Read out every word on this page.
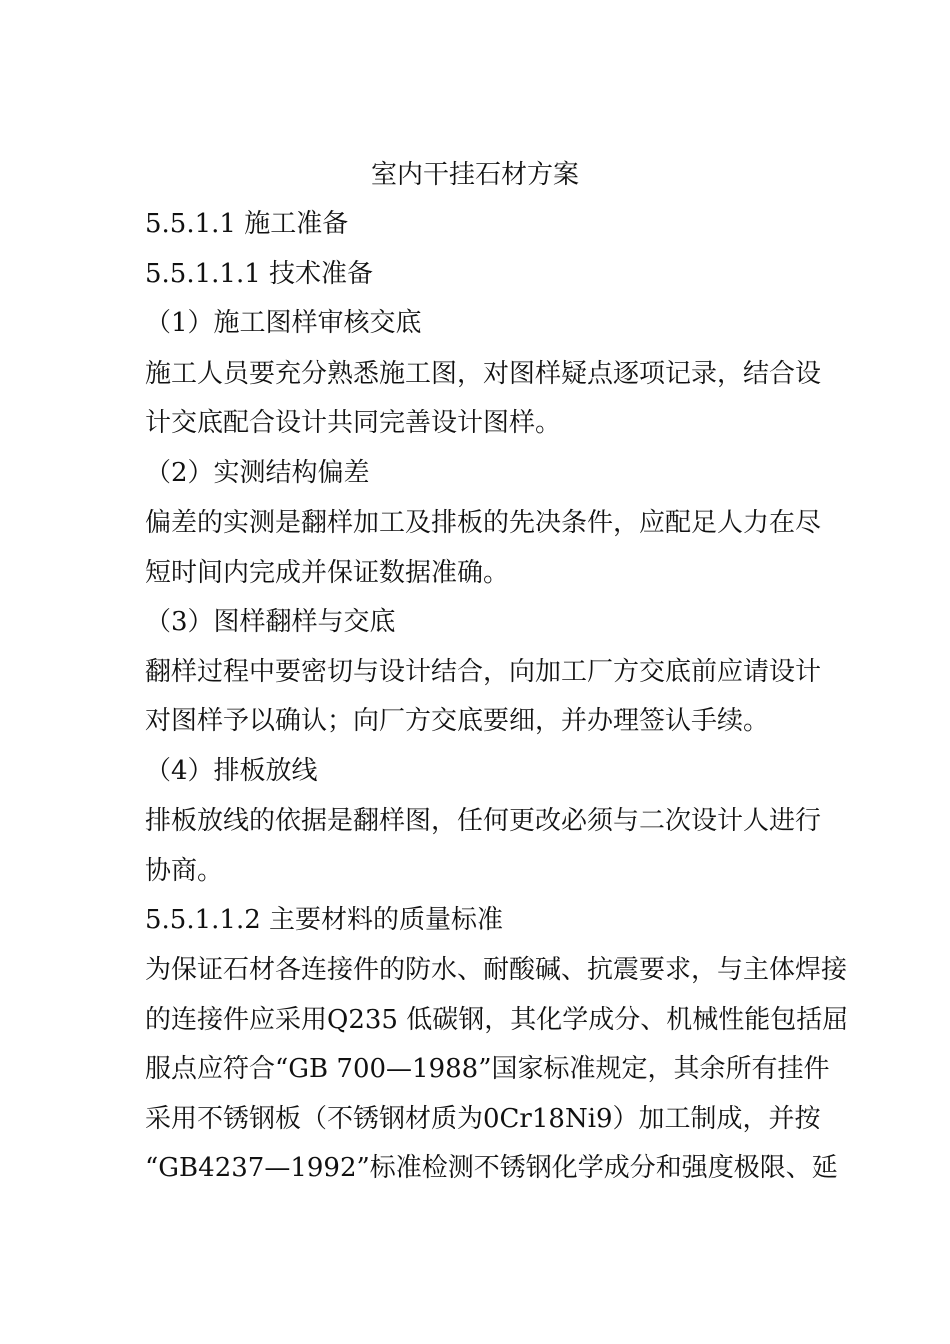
室内干挂石材方案
5.5.1.1 施工准备
5.5.1.1.1 技术准备
（1）施工图样审核交底
施工人员要充分熟悉施工图，对图样疑点逐项记录，结合设
计交底配合设计共同完善设计图样。
（2）实测结构偏差
偏差的实测是翻样加工及排板的先决条件，应配足人力在尽
短时间内完成并保证数据准确。
（3）图样翻样与交底
翻样过程中要密切与设计结合，向加工厂方交底前应请设计
对图样予以确认；向厂方交底要细，并办理签认手续。
（4）排板放线
排板放线的依据是翻样图，任何更改必须与二次设计人进行
协商。
5.5.1.1.2 主要材料的质量标准
为保证石材各连接件的防水、耐酸碱、抗震要求，与主体焊接
的连接件应采用Q235 低碳钢，其化学成分、机械性能包括屈
服点应符合“GB 700—1988”国家标准规定，其余所有挂件
采用不锈钢板（不锈钢材质为0Cr18Ni9）加工制成，并按
“GB4237—1992”标准检测不锈钢化学成分和强度极限、延
